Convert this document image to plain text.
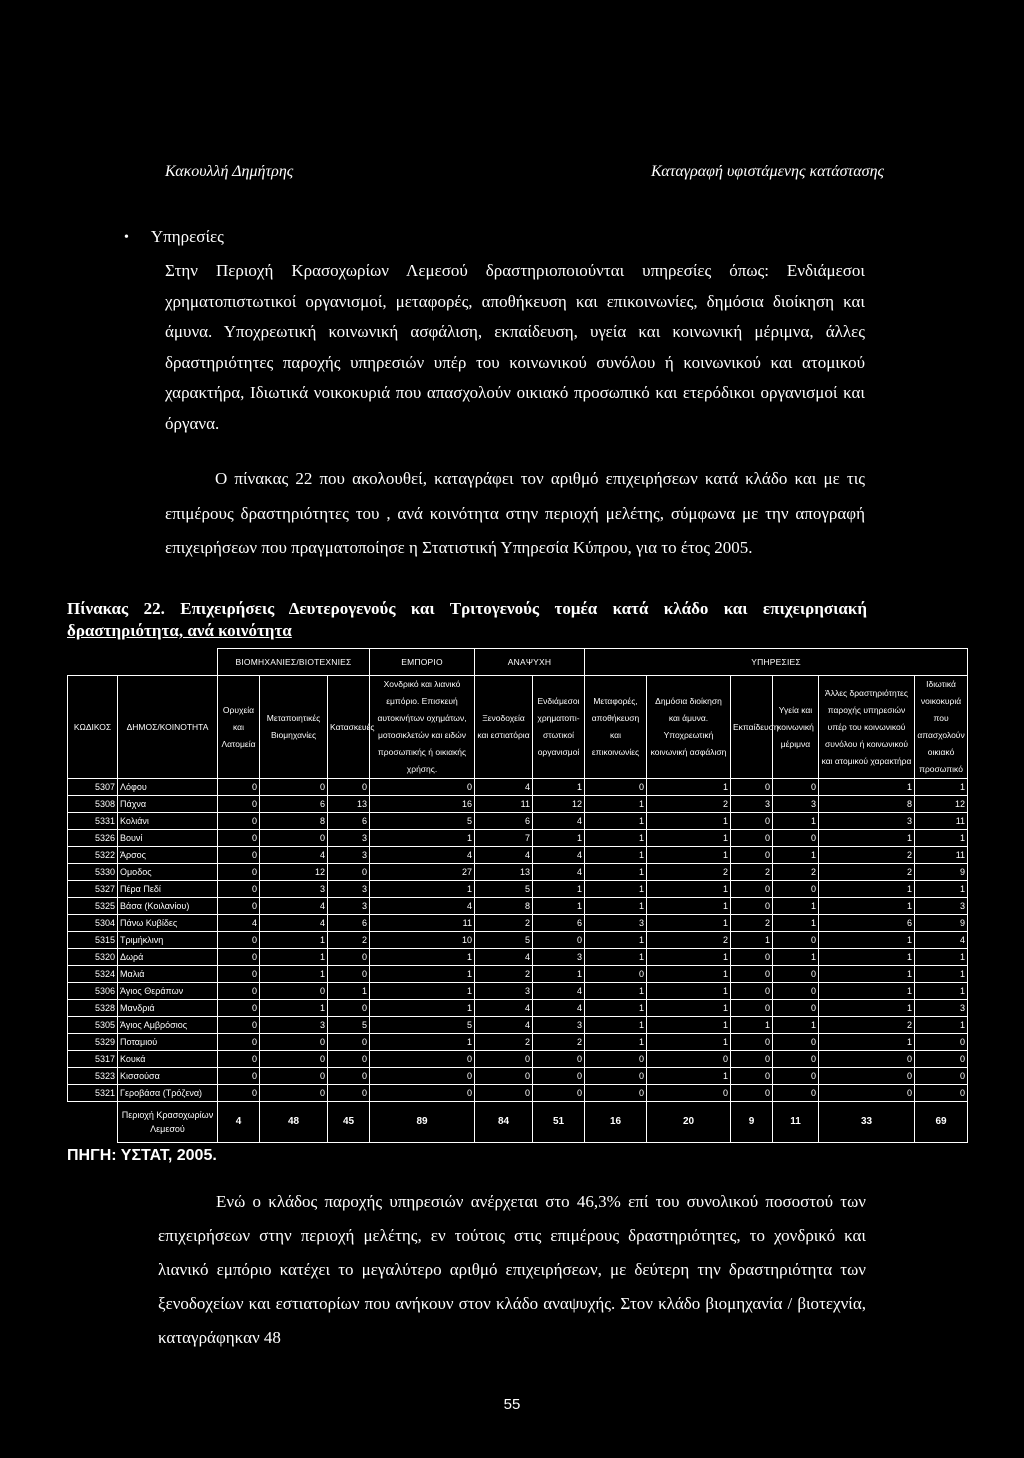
Κακουλλή Δημήτρης	Καταγραφή υφιστάμενης κατάστασης
• Υπηρεσίες
Στην Περιοχή Κρασοχωρίων Λεμεσού δραστηριοποιούνται υπηρεσίες όπως: Ενδιάμεσοι χρηματοπιστωτικοί οργανισμοί, μεταφορές, αποθήκευση και επικοινωνίες, δημόσια διοίκηση και άμυνα. Υποχρεωτική κοινωνική ασφάλιση, εκπαίδευση, υγεία και κοινωνική μέριμνα, άλλες δραστηριότητες παροχής υπηρεσιών υπέρ του κοινωνικού συνόλου ή κοινωνικού και ατομικού χαρακτήρα, Ιδιωτικά νοικοκυριά που απασχολούν οικιακό προσωπικό και ετερόδικοι οργανισμοί και όργανα.
Ο πίνακας 22 που ακολουθεί, καταγράφει τον αριθμό επιχειρήσεων κατά κλάδο και με τις επιμέρους δραστηριότητες του , ανά κοινότητα στην περιοχή μελέτης, σύμφωνα με την απογραφή επιχειρήσεων που πραγματοποίησε η Στατιστική Υπηρεσία Κύπρου, για το έτος 2005.
Πίνακας 22. Επιχειρήσεις Δευτερογενούς και Τριτογενούς τομέα κατά κλάδο και επιχειρησιακή δραστηριότητα, ανά κοινότητα
		ΒΙΟΜΗΧΑΝΙΕΣ/ΒΙΟΤΕΧΝΙΕΣ			ΕΜΠΟΡΙΟ	ΑΝΑΨΥΧΗ		ΥΠΗΡΕΣΙΕΣ					
ΚΩΔΙΚΟΣ	ΔΗΜΟΣ/ΚΟΙΝΟΤΗΤΑ	Ορυχεία και Λατομεία	Μεταποιητικές Βιομηχανίες	Κατασκευές	Χονδρικό και λιανικό εμπόριο. Επισκευή αυτοκινήτων οχημάτων, μοτοσικλετών και ειδών προσωπικής ή οικιακής χρήσης.	Ξενοδοχεία και εστιατόρια	Ενδιάμεσοι χρηματοπι-στωτικοί οργανισμοί	Μεταφορές, αποθήκευση και επικοινωνίες	Δημόσια διοίκηση και άμυνα. Υποχρεωτική κοινωνική ασφάλιση	Εκπαίδευση	Υγεία και κοινωνική μέριμνα	Άλλες δραστηριότητες παροχής υπηρεσιών υπέρ του κοινωνικού συνόλου ή κοινωνικού και ατομικού χαρακτήρα	Ιδιωτικά νοικοκυριά που απασχολούν οικιακό προσωπικό
5307	Λόφου	0	0	0	0	4	1	0	1	0	0	1	1
5308	Πάχνα	0	6	13	16	11	12	1	2	3	3	8	12
5331	Κολιάνι	0	8	6	5	6	4	1	1	0	1	3	11
5326	Βουνί	0	0	3	1	7	1	1	1	0	0	1	1
5322	Άρσος	0	4	3	4	4	4	1	1	0	1	2	11
5330	Ομοδος	0	12	0	27	13	4	1	2	2	2	2	9
5327	Πέρα Πεδί	0	3	3	1	5	1	1	1	0	0	1	1
5325	Βάσα (Κοιλανίου)	0	4	3	4	8	1	1	1	0	1	1	3
5304	Πάνω Κυβίδες	4	4	6	11	2	6	3	1	2	1	6	9
5315	Τριμήκλινη	0	1	2	10	5	0	1	2	1	0	1	4
5320	Δωρά	0	1	0	1	4	3	1	1	0	1	1	1
5324	Μαλιά	0	1	0	1	2	1	0	1	0	0	1	1
5306	Άγιος Θεράπων	0	0	1	1	3	4	1	1	0	0	1	1
5328	Μανδριά	0	1	0	1	4	4	1	1	0	0	1	3
5305	Άγιος Αμβρόσιος	0	3	5	5	4	3	1	1	1	1	2	1
5329	Ποταμιού	0	0	0	1	2	2	1	1	0	0	1	0
5317	Κουκά	0	0	0	0	0	0	0	0	0	0	0	0
5323	Κισσούσα	0	0	0	0	0	0	0	1	0	0	0	0
5321	Γεροβάσα (Τρόζενα)	0	0	0	0	0	0	0	0	0	0	0	0
	Περιοχή Κρασοχωρίων Λεμεσού	4	48	45	89	84	51	16	20	9	11	33	69
ΠΗΓΗ: ΥΣΤΑΤ, 2005.
Ενώ ο κλάδος παροχής υπηρεσιών ανέρχεται στο 46,3% επί του συνολικού ποσοστού των επιχειρήσεων στην περιοχή μελέτης, εν τούτοις στις επιμέρους δραστηριότητες, το χονδρικό και λιανικό εμπόριο κατέχει το μεγαλύτερο αριθμό επιχειρήσεων, με δεύτερη την δραστηριότητα των ξενοδοχείων και εστιατορίων που ανήκουν στον κλάδο αναψυχής. Στον κλάδο βιομηχανία / βιοτεχνία, καταγράφηκαν 48
55
